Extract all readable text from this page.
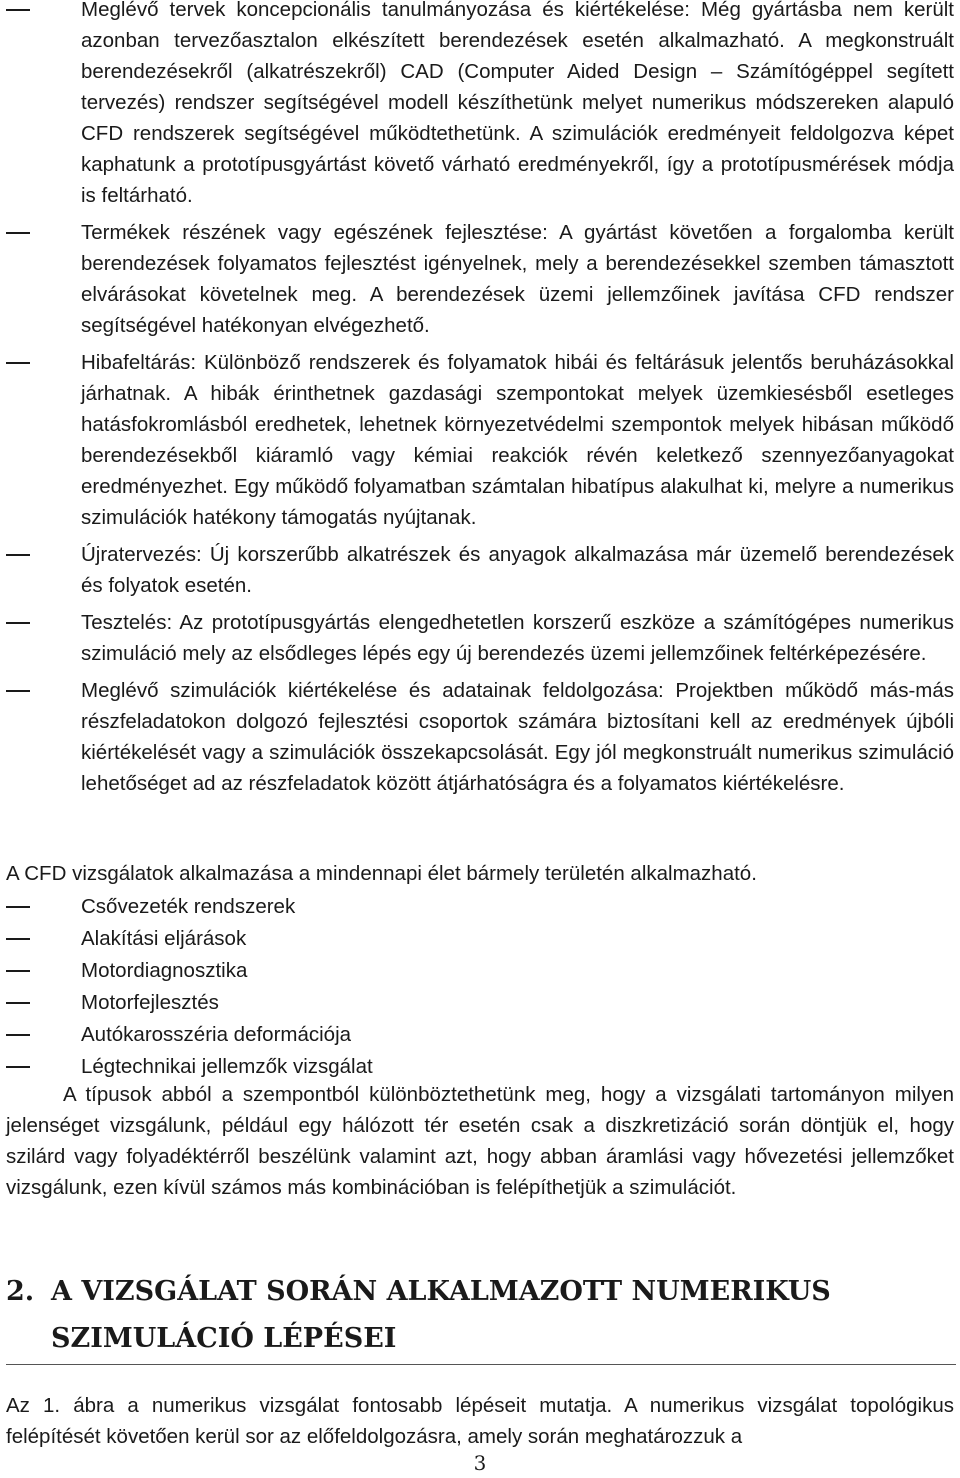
Meglévő tervek koncepcionális tanulmányozása és kiértékelése: Még gyártásba nem került azonban tervezőasztalon elkészített berendezések esetén alkalmazható. A megkonstruált berendezésekről (alkatrészekről) CAD (Computer Aided Design – Számítógéppel segített tervezés) rendszer segítségével modell készíthetünk melyet numerikus módszereken alapuló CFD rendszerek segítségével működtethetünk. A szimulációk eredményeit feldolgozva képet kaphatunk a prototípusgyártást követő várható eredményekről, így a prototípusmérések módja is feltárható.
Termékek részének vagy egészének fejlesztése: A gyártást követően a forgalomba került berendezések folyamatos fejlesztést igényelnek, mely a berendezésekkel szemben támasztott elvárásokat követelnek meg. A berendezések üzemi jellemzőinek javítása CFD rendszer segítségével hatékonyan elvégezhető.
Hibafeltárás: Különböző rendszerek és folyamatok hibái és feltárásuk jelentős beruházásokkal járhatnak. A hibák érinthetnek gazdasági szempontokat melyek üzemkiesésből esetleges hatásfokromlásból eredhetek, lehetnek környezetvédelmi szempontok melyek hibásan működő berendezésekből kiáramló vagy kémiai reakciók révén keletkező szennyezőanyagokat eredményezhet. Egy működő folyamatban számtalan hibatípus alakulhat ki, melyre a numerikus szimulációk hatékony támogatás nyújtanak.
Újratervezés: Új korszerűbb alkatrészek és anyagok alkalmazása már üzemelő berendezések és folyatok esetén.
Tesztelés: Az prototípusgyártás elengedhetetlen korszerű eszköze a számítógépes numerikus szimuláció mely az elsődleges lépés egy új berendezés üzemi jellemzőinek feltérképezésére.
Meglévő szimulációk kiértékelése és adatainak feldolgozása: Projektben működő más-más részfeladatokon dolgozó fejlesztési csoportok számára biztosítani kell az eredmények újbóli kiértékelését vagy a szimulációk összekapcsolását. Egy jól megkonstruált numerikus szimuláció lehetőséget ad az részfeladatok között átjárhatóságra és a folyamatos kiértékelésre.

A CFD vizsgálatok alkalmazása a mindennapi élet bármely területén alkalmazható.

Csővezeték rendszerek
Alakítási eljárások
Motordiagnosztika
Motorfejlesztés
Autókarosszéria deformációja
Légtechnikai jellemzők vizsgálat

A típusok abból a szempontból különböztethetünk meg, hogy a vizsgálati tartományon milyen jelenséget vizsgálunk, például egy hálózott tér esetén csak a diszkretizáció során döntjük el, hogy szilárd vagy folyadéktérről beszélünk valamint azt, hogy abban áramlási vagy hővezetési jellemzőket vizsgálunk, ezen kívül számos más kombinációban is felépíthetjük a szimulációt.

2. A VIZSGÁLAT SORÁN ALKALMAZOTT NUMERIKUS
SZIMULÁCIÓ LÉPÉSEI

Az 1. ábra a numerikus vizsgálat fontosabb lépéseit mutatja. A numerikus vizsgálat topológikus felépítését követően kerül sor az előfeldolgozásra, amely során meghatározzuk a

3
